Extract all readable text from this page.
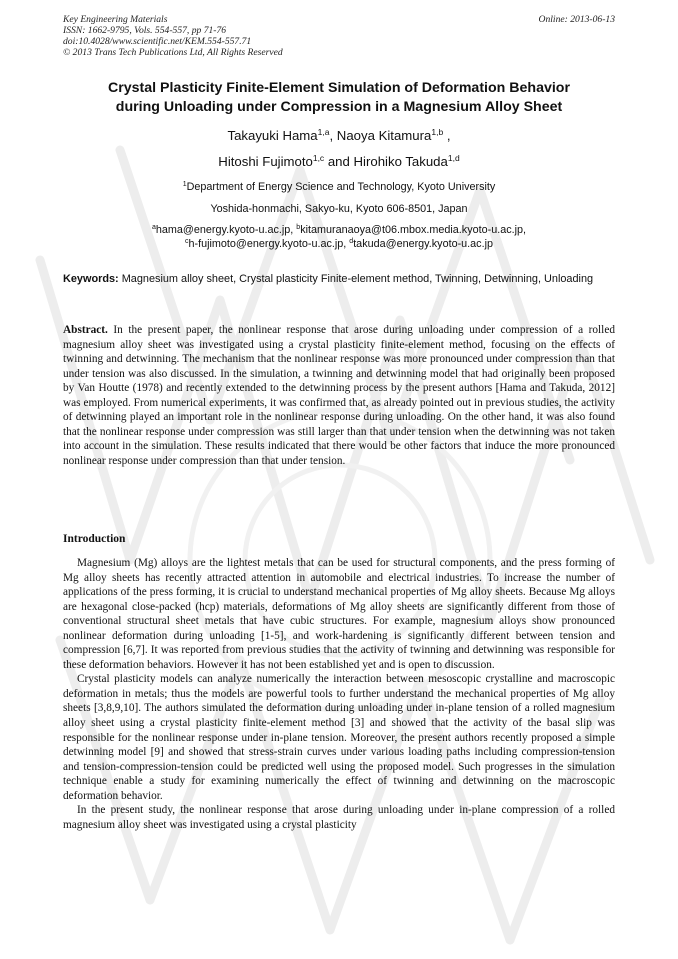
Key Engineering Materials
ISSN: 1662-9795, Vols. 554-557, pp 71-76
doi:10.4028/www.scientific.net/KEM.554-557.71
© 2013 Trans Tech Publications Ltd, All Rights Reserved
Online: 2013-06-13
Crystal Plasticity Finite-Element Simulation of Deformation Behavior
during Unloading under Compression in a Magnesium Alloy Sheet
Takayuki Hama$^{1,a}$, Naoya Kitamura$^{1,b}$ ,
Hitoshi Fujimoto$^{1,c}$ and Hirohiko Takuda$^{1,d}$
$^1$Department of Energy Science and Technology, Kyoto University
Yoshida-honmachi, Sakyo-ku, Kyoto 606-8501, Japan
$^a$hama@energy.kyoto-u.ac.jp, $^b$kitamuranaoya@t06.mbox.media.kyoto-u.ac.jp,
$^c$h-fujimoto@energy.kyoto-u.ac.jp, $^d$takuda@energy.kyoto-u.ac.jp
Keywords: Magnesium alloy sheet, Crystal plasticity Finite-element method, Twinning, Detwinning, Unloading

Abstract. In the present paper, the nonlinear response that arose during unloading under compression of a rolled magnesium alloy sheet was investigated using a crystal plasticity finite-element method, focusing on the effects of twinning and detwinning. The mechanism that the nonlinear response was more pronounced under compression than that under tension was also discussed. In the simulation, a twinning and detwinning model that had originally been proposed by Van Houtte (1978) and recently extended to the detwinning process by the present authors [Hama and Takuda, 2012] was employed. From numerical experiments, it was confirmed that, as already pointed out in previous studies, the activity of detwinning played an important role in the nonlinear response during unloading. On the other hand, it was also found that the nonlinear response under compression was still larger than that under tension when the detwinning was not taken into account in the simulation. These results indicated that there would be other factors that induce the more pronounced nonlinear response under compression than that under tension.

Introduction

Magnesium (Mg) alloys are the lightest metals that can be used for structural components, and the press forming of Mg alloy sheets has recently attracted attention in automobile and electrical industries. To increase the number of applications of the press forming, it is crucial to understand mechanical properties of Mg alloy sheets. Because Mg alloys are hexagonal close-packed (hcp) materials, deformations of Mg alloy sheets are significantly different from those of conventional structural sheet metals that have cubic structures. For example, magnesium alloys show pronounced nonlinear deformation during unloading [1-5], and work-hardening is significantly different between tension and compression [6,7]. It was reported from previous studies that the activity of twinning and detwinning was responsible for these deformation behaviors. However it has not been established yet and is open to discussion.

Crystal plasticity models can analyze numerically the interaction between mesoscopic crystalline and macroscopic deformation in metals; thus the models are powerful tools to further understand the mechanical properties of Mg alloy sheets [3,8,9,10]. The authors simulated the deformation during unloading under in-plane tension of a rolled magnesium alloy sheet using a crystal plasticity finite-element method [3] and showed that the activity of the basal slip was responsible for the nonlinear response under in-plane tension. Moreover, the present authors recently proposed a simple detwinning model [9] and showed that stress-strain curves under various loading paths including compression-tension and tension-compression-tension could be predicted well using the proposed model. Such progresses in the simulation technique enable a study for examining numerically the effect of twinning and detwinning on the macroscopic deformation behavior.

In the present study, the nonlinear response that arose during unloading under in-plane compression of a rolled magnesium alloy sheet was investigated using a crystal plasticity
